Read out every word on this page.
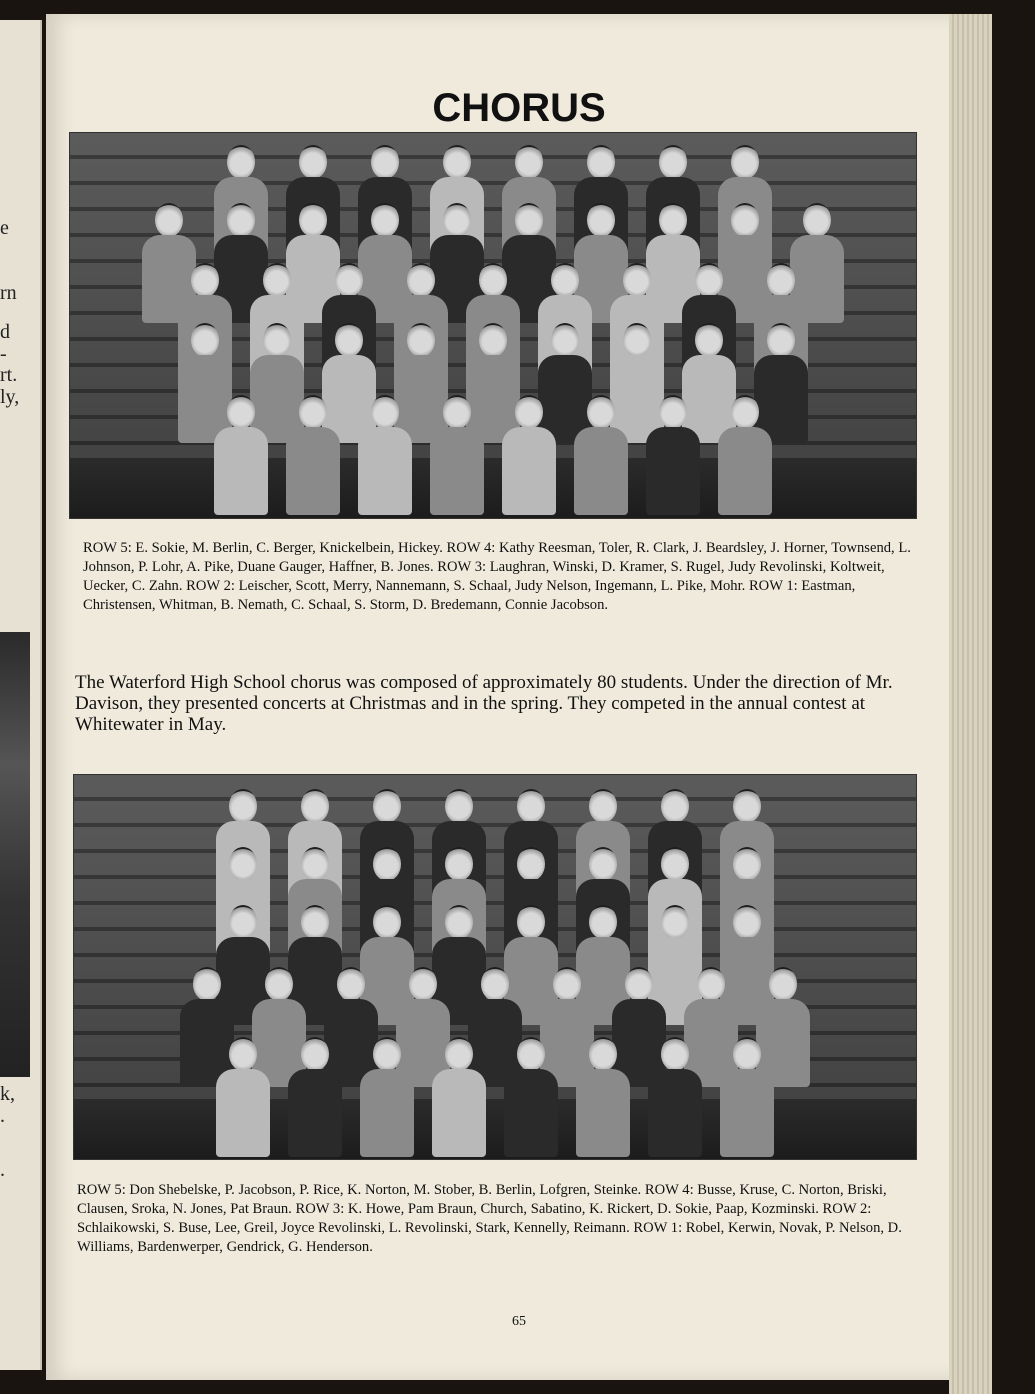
e
rn
d
-
rt.
ly,
k,
.
.
CHORUS
ROW 5: E. Sokie, M. Berlin, C. Berger, Knickelbein, Hickey. ROW 4: Kathy Reesman, Toler, R. Clark, J. Beardsley, J. Horner, Townsend, L. Johnson, P. Lohr, A. Pike, Duane Gauger, Haffner, B. Jones. ROW 3: Laughran, Winski, D. Kramer, S. Rugel, Judy Revolinski, Koltweit, Uecker, C. Zahn. ROW 2: Leischer, Scott, Merry, Nannemann, S. Schaal, Judy Nelson, Ingemann, L. Pike, Mohr. ROW 1: Eastman, Christensen, Whitman, B. Nemath, C. Schaal, S. Storm, D. Bredemann, Connie Jacobson.
The Waterford High School chorus was composed of approximately 80 students. Under the direction of Mr. Davison, they presented concerts at Christmas and in the spring. They competed in the annual contest at Whitewater in May.
ROW 5: Don Shebelske, P. Jacobson, P. Rice, K. Norton, M. Stober, B. Berlin, Lofgren, Steinke. ROW 4: Busse, Kruse, C. Norton, Briski, Clausen, Sroka, N. Jones, Pat Braun. ROW 3: K. Howe, Pam Braun, Church, Sabatino, K. Rickert, D. Sokie, Paap, Kozminski. ROW 2: Schlaikowski, S. Buse, Lee, Greil, Joyce Revolinski, L. Revolinski, Stark, Kennelly, Reimann. ROW 1: Robel, Kerwin, Novak, P. Nelson, D. Williams, Bardenwerper, Gendrick, G. Henderson.
65
